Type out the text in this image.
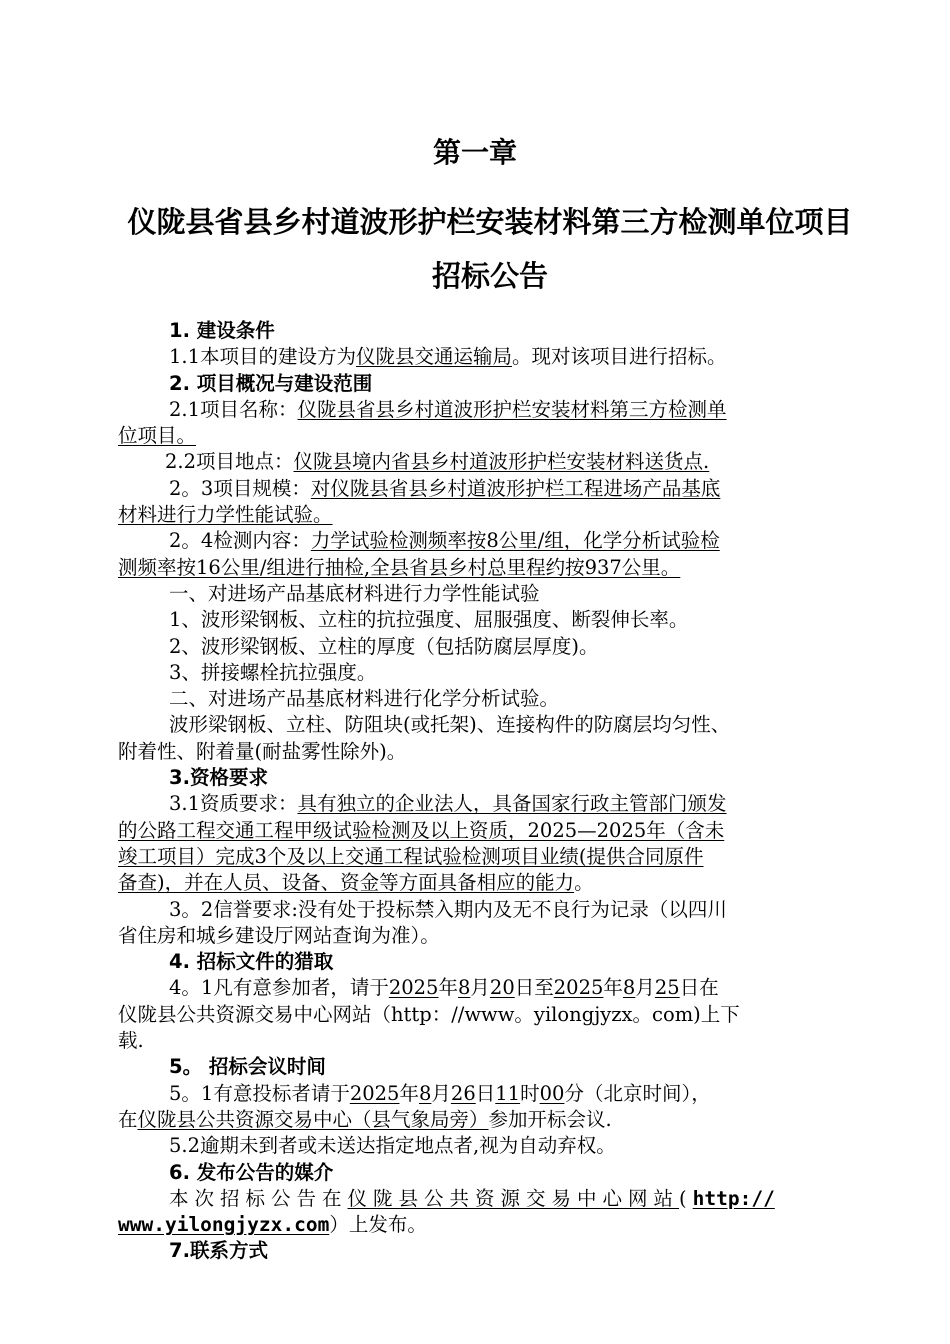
第一章
仪陇县省县乡村道波形护栏安装材料第三方检测单位项目
招标公告
1. 建设条件
1.1本项目的建设方为仪陇县交通运输局。现对该项目进行招标。
2. 项目概况与建设范围
2.1项目名称：仪陇县省县乡村道波形护栏安装材料第三方检测单
位项目。
2.2项目地点：仪陇县境内省县乡村道波形护栏安装材料送货点.
2。3项目规模：对仪陇县省县乡村道波形护栏工程进场产品基底
材料进行力学性能试验。
2。4检测内容：力学试验检测频率按8公里/组，化学分析试验检
测频率按16公里/组进行抽检,全县省县乡村总里程约按937公里。
一、对进场产品基底材料进行力学性能试验
1、波形梁钢板、立柱的抗拉强度、屈服强度、断裂伸长率。
2、波形梁钢板、立柱的厚度（包括防腐层厚度)。
3、拼接螺栓抗拉强度。
二、对进场产品基底材料进行化学分析试验。
波形梁钢板、立柱、防阻块(或托架)、连接构件的防腐层均匀性、
附着性、附着量(耐盐雾性除外)。
3.资格要求
3.1资质要求：具有独立的企业法人，具备国家行政主管部门颁发
的公路工程交通工程甲级试验检测及以上资质，2025—2025年（含未
竣工项目）完成3个及以上交通工程试验检测项目业绩(提供合同原件
备查)，并在人员、设备、资金等方面具备相应的能力。
3。2信誉要求:没有处于投标禁入期内及无不良行为记录（以四川
省住房和城乡建设厅网站查询为准）。
4. 招标文件的猎取
4。1凡有意参加者，请于2025年8月20日至2025年8月25日在
仪陇县公共资源交易中心网站（http：//www。yilongjyzx。com)上下
载.
5。 招标会议时间
5。1有意投标者请于2025年8月26日11时00分（北京时间），
在仪陇县公共资源交易中心（县气象局旁）参加开标会议.
5.2逾期未到者或未送达指定地点者,视为自动弃权。
6. 发布公告的媒介
本次招标公告在仪陇县公共资源交易中心网站(http://
www.yilongjyzx.com）上发布。
7.联系方式
